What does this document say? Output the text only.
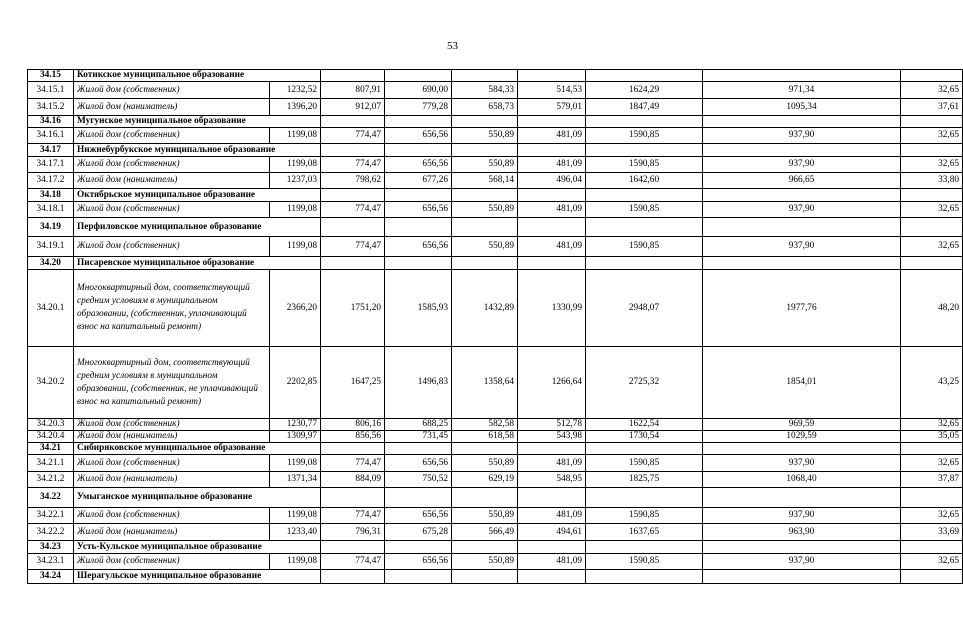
53
34.15	Котикское муниципальное образование								
34.15.1	Жилой дом (собственник)	1232,52	807,91	690,00	584,33	514,53	1624,29	971,34	32,65
34.15.2	Жилой дом (наниматель)	1396,20	912,07	779,28	658,73	579,01	1847,49	1095,34	37,61
34.16	Мугунское муниципальное образование								
34.16.1	Жилой дом (собственник)	1199,08	774,47	656,56	550,89	481,09	1590,85	937,90	32,65
34.17	Нижнебурбукское муниципальное образование								
34.17.1	Жилой дом (собственник)	1199,08	774,47	656,56	550,89	481,09	1590,85	937,90	32,65
34.17.2	Жилой дом (наниматель)	1237,03	798,62	677,26	568,14	496,04	1642,60	966,65	33,80
34.18	Октябрьское муниципальное образование								
34.18.1	Жилой дом (собственник)	1199,08	774,47	656,56	550,89	481,09	1590,85	937,90	32,65
34.19	Перфиловское муниципальное образование								
34.19.1	Жилой дом (собственник)	1199,08	774,47	656,56	550,89	481,09	1590,85	937,90	32,65
34.20	Писаревское муниципальное образование								
34.20.1	Многоквартирный дом, соответствующий средним условиям в муниципальном образовании, (собственник, уплачивающий взнос на капитальный ремонт)	2366,20	1751,20	1585,93	1432,89	1330,99	2948,07	1977,76	48,20
34.20.2	Многоквартирный дом, соответствующий средним условиям в муниципальном образовании, (собственник, не уплачивающий взнос на капитальный ремонт)	2202,85	1647,25	1496,83	1358,64	1266,64	2725,32	1854,01	43,25
34.20.3	Жилой дом (собственник)	1230,77	806,16	688,25	582,58	512,78	1622,54	969,59	32,65
34.20.4	Жилой дом (наниматель)	1309,97	856,56	731,45	618,58	543,98	1730,54	1029,59	35,05
34.21	Сибиряковское муниципальное образование								
34.21.1	Жилой дом (собственник)	1199,08	774,47	656,56	550,89	481,09	1590,85	937,90	32,65
34.21.2	Жилой дом (наниматель)	1371,34	884,09	750,52	629,19	548,95	1825,75	1068,40	37,87
34.22	Умыганское муниципальное образование								
34.22.1	Жилой дом (собственник)	1199,08	774,47	656,56	550,89	481,09	1590,85	937,90	32,65
34.22.2	Жилой дом (наниматель)	1233,40	796,31	675,28	566,49	494,61	1637,65	963,90	33,69
34.23	Усть-Кульское муниципальное образование								
34.23.1	Жилой дом (собственник)	1199,08	774,47	656,56	550,89	481,09	1590,85	937,90	32,65
34.24	Шерагульское муниципальное образование								
